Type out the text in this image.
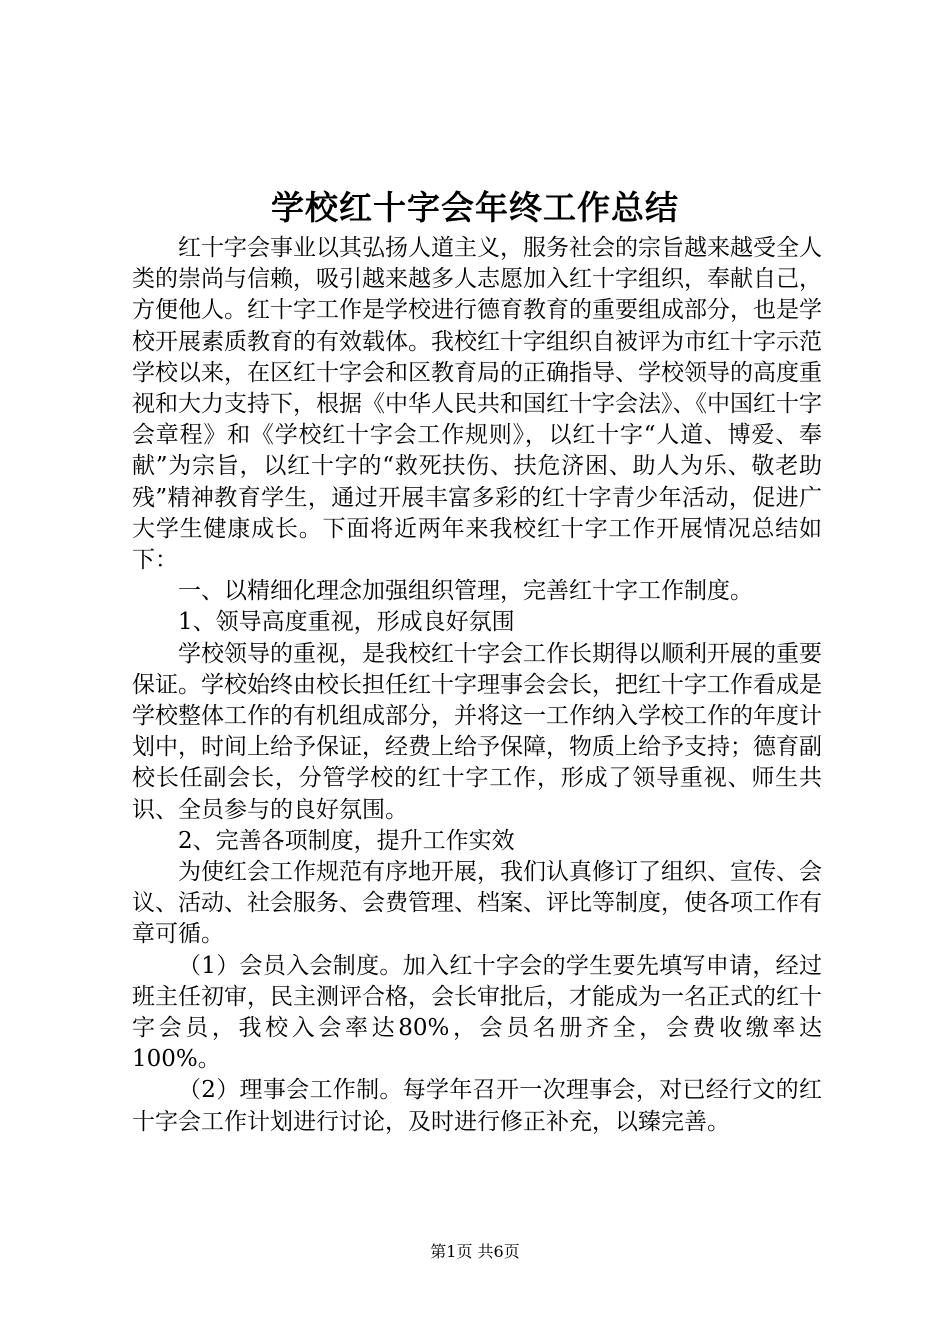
学校红十字会年终工作总结

红十字会事业以其弘扬人道主义，服务社会的宗旨越来越受全人类的崇尚与信赖，吸引越来越多人志愿加入红十字组织，奉献自己，方便他人。红十字工作是学校进行德育教育的重要组成部分，也是学校开展素质教育的有效载体。我校红十字组织自被评为市红十字示范学校以来，在区红十字会和区教育局的正确指导、学校领导的高度重视和大力支持下，根据《中华人民共和国红十字会法》、《中国红十字会章程》和《学校红十字会工作规则》，以红十字“人道、博爱、奉献”为宗旨，以红十字的“救死扶伤、扶危济困、助人为乐、敬老助残”精神教育学生，通过开展丰富多彩的红十字青少年活动，促进广大学生健康成长。下面将近两年来我校红十字工作开展情况总结如下：

一、以精细化理念加强组织管理，完善红十字工作制度。

1、领导高度重视，形成良好氛围

学校领导的重视，是我校红十字会工作长期得以顺利开展的重要保证。学校始终由校长担任红十字理事会会长，把红十字工作看成是学校整体工作的有机组成部分，并将这一工作纳入学校工作的年度计划中，时间上给予保证，经费上给予保障，物质上给予支持；德育副校长任副会长，分管学校的红十字工作，形成了领导重视、师生共识、全员参与的良好氛围。

2、完善各项制度，提升工作实效

为使红会工作规范有序地开展，我们认真修订了组织、宣传、会议、活动、社会服务、会费管理、档案、评比等制度，使各项工作有章可循。

（1）会员入会制度。加入红十字会的学生要先填写申请，经过班主任初审，民主测评合格，会长审批后，才能成为一名正式的红十字会员，我校入会率达80%，会员名册齐全，会费收缴率达100%。

（2）理事会工作制。每学年召开一次理事会，对已经行文的红十字会工作计划进行讨论，及时进行修正补充，以臻完善。

第1页 共6页
